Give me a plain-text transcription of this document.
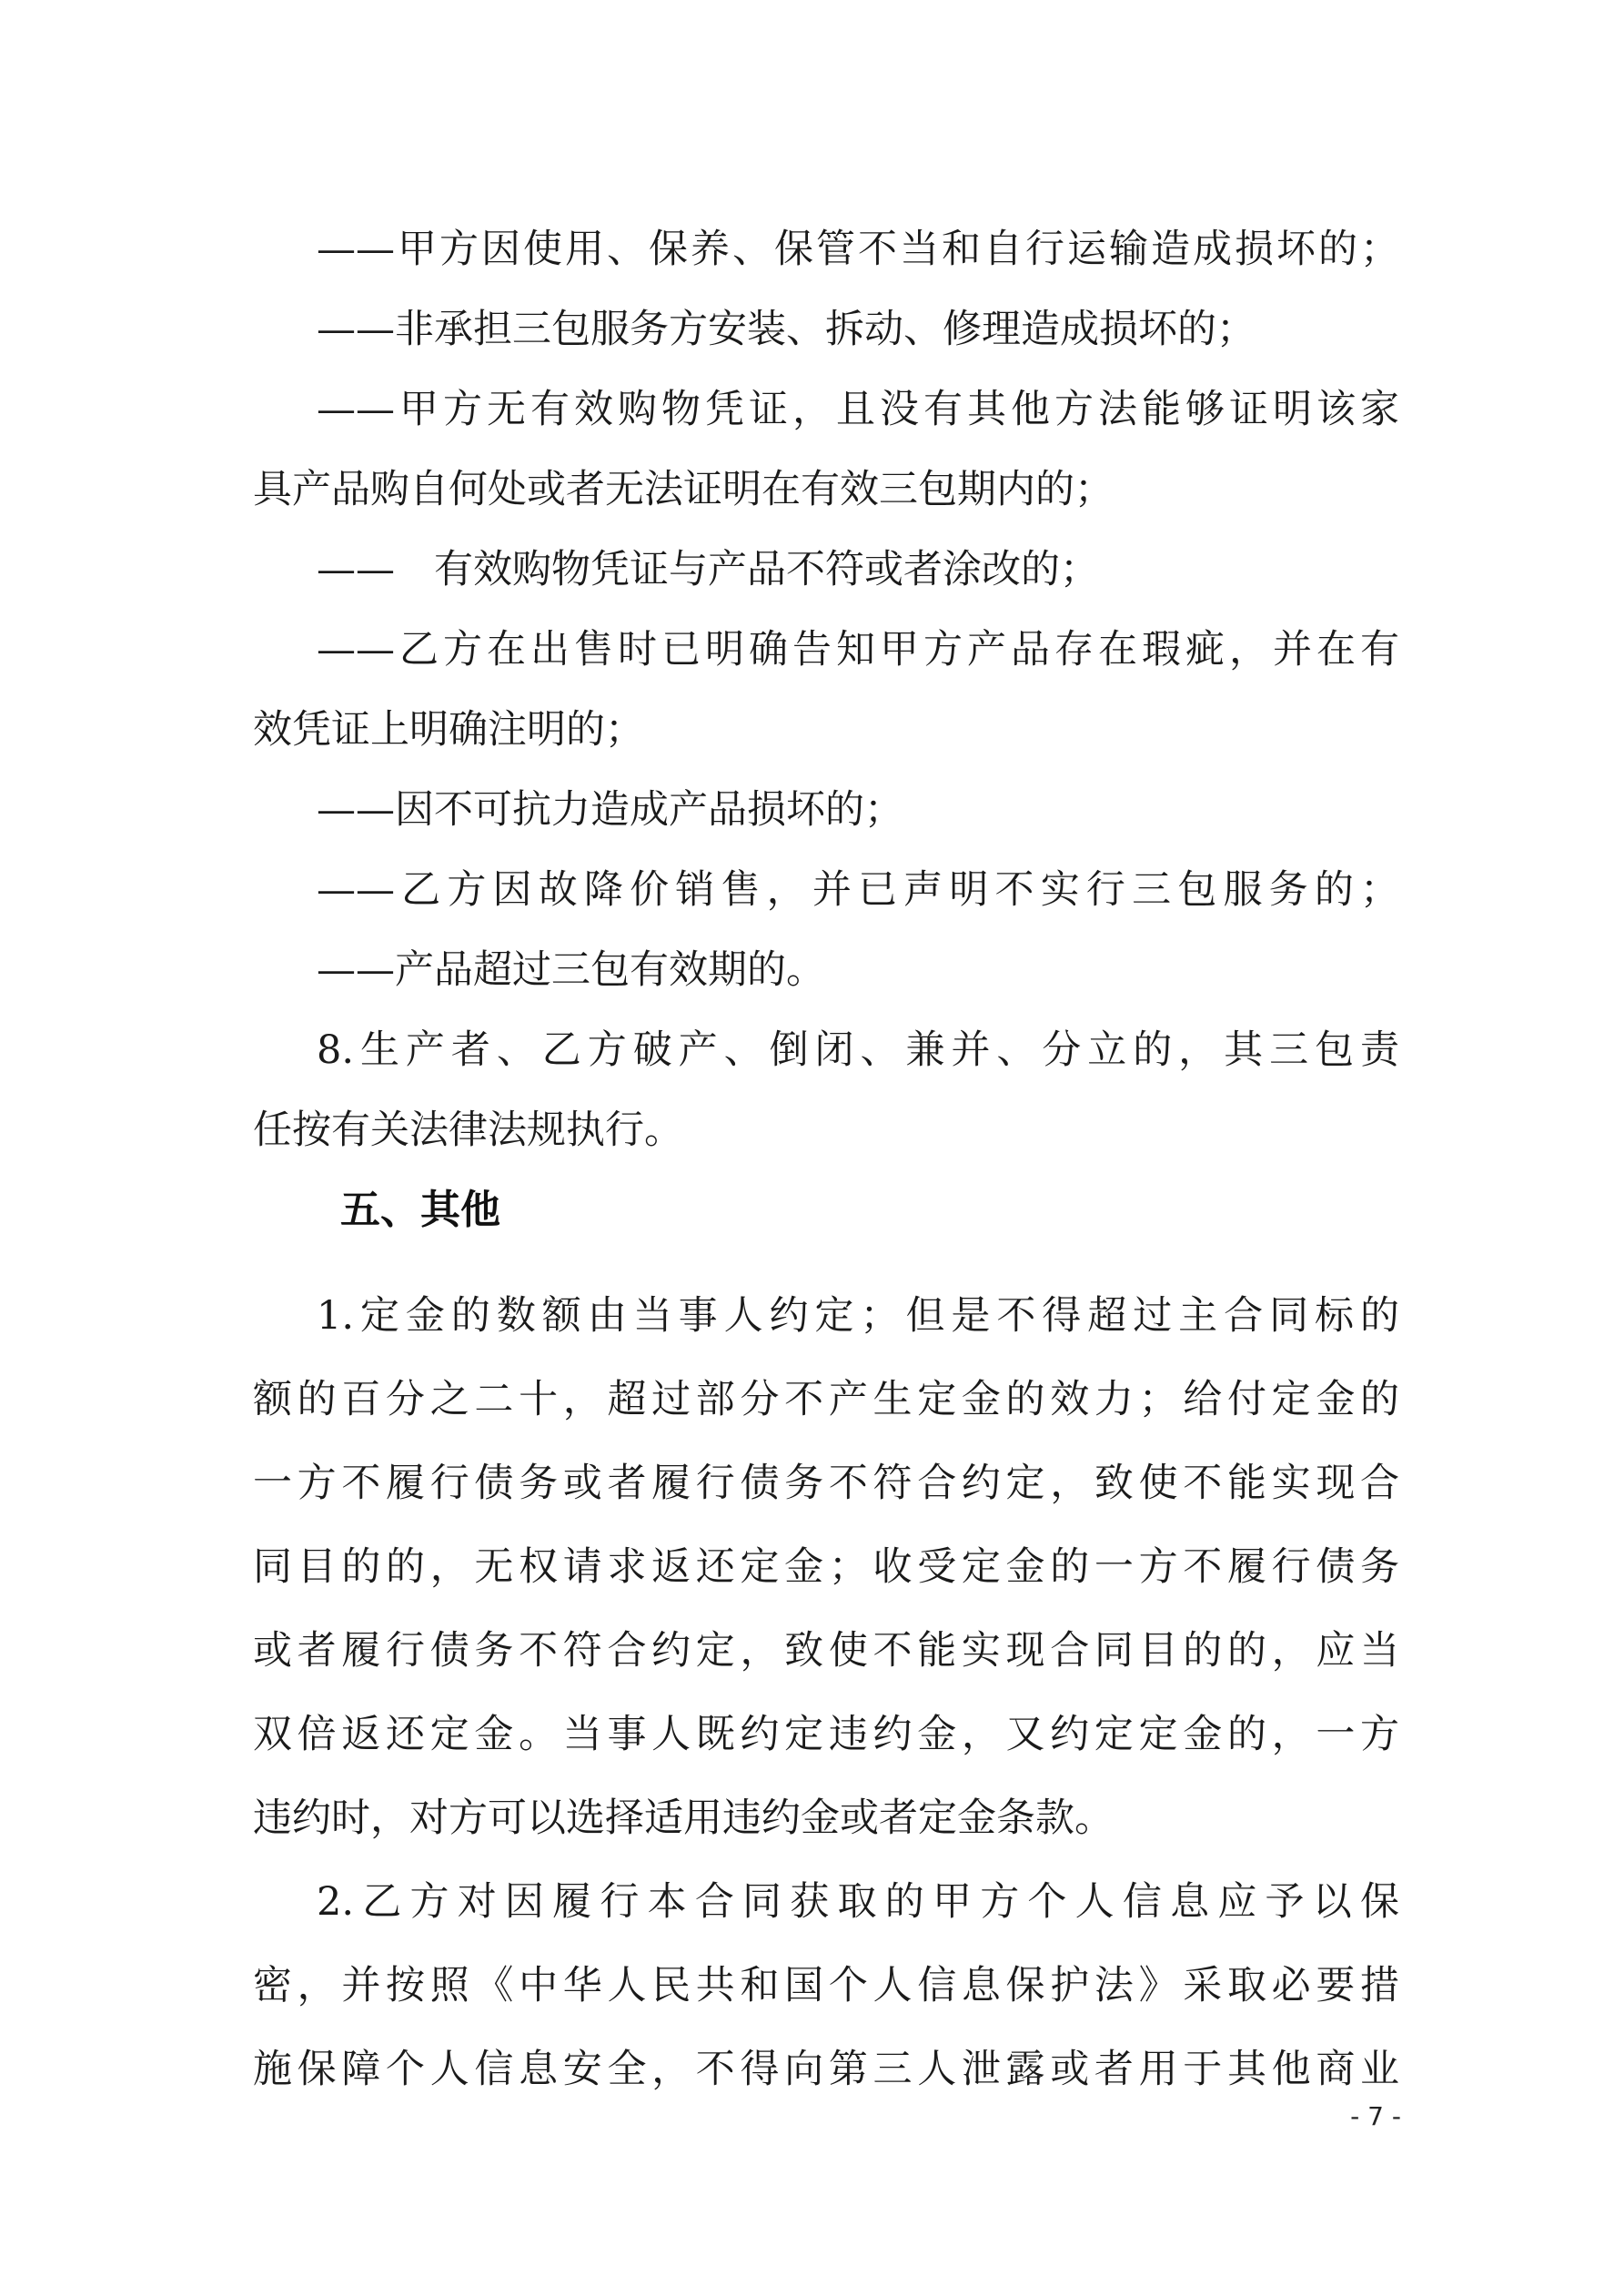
——甲方因使用、保养、保管不当和自行运输造成损坏的；
——非承担三包服务方安装、拆动、修理造成损坏的；
——甲方无有效购物凭证，且没有其他方法能够证明该家
具产品购自何处或者无法证明在有效三包期内的；
——　有效购物凭证与产品不符或者涂改的；
——乙方在出售时已明确告知甲方产品存在瑕疵，并在有
效凭证上明确注明的；
——因不可抗力造成产品损坏的；
——乙方因故降价销售，并已声明不实行三包服务的；
——产品超过三包有效期的。
8.生产者、乙方破产、倒闭、兼并、分立的，其三包责
任按有关法律法规执行。
五、其他
1.定金的数额由当事人约定；但是不得超过主合同标的
额的百分之二十，超过部分不产生定金的效力；给付定金的
一方不履行债务或者履行债务不符合约定，致使不能实现合
同目的的，无权请求返还定金；收受定金的一方不履行债务
或者履行债务不符合约定，致使不能实现合同目的的，应当
双倍返还定金。当事人既约定违约金，又约定定金的，一方
违约时，对方可以选择适用违约金或者定金条款。
2.乙方对因履行本合同获取的甲方个人信息应予以保
密，并按照《中华人民共和国个人信息保护法》采取必要措
施保障个人信息安全，不得向第三人泄露或者用于其他商业
- 7 -
